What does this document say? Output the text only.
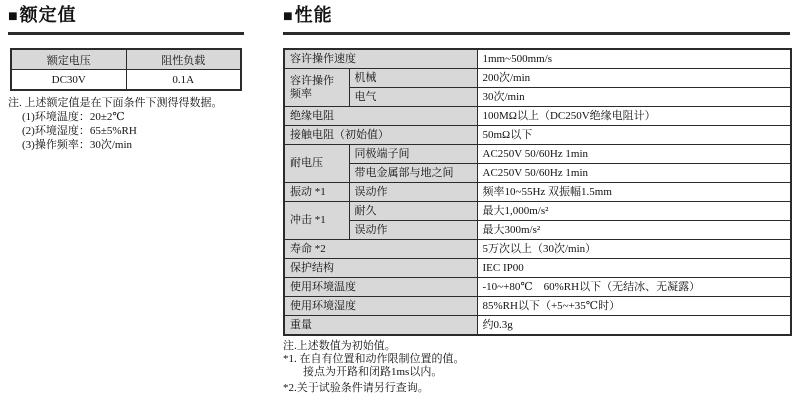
■额定值
额定电压	阻性负载
DC30V	0.1A
注. 上述额定值是在下面条件下测得得数据。
(1)环境温度：20±2℃
(2)环境湿度：65±5%RH
(3)操作频率：30次/min
■性能
容许操作速度		1mm~500mm/s
容许操作频率	机械	200次/min
	电气	30次/min
绝缘电阻		100MΩ以上（DC250V绝缘电阻计）
接触电阻（初始值）		50mΩ以下
耐电压	同极端子间	AC250V 50/60Hz 1min
	带电金属部与地之间	AC250V 50/60Hz 1min
振动 *1	误动作	频率10~55Hz 双振幅1.5mm
冲击 *1	耐久	最大1,000m/s²
	误动作	最大300m/s²
寿命 *2		5万次以上（30次/min）
保护结构		IEC IP00
使用环境温度		-10~+80℃　60%RH以下（无结冰、无凝露）
使用环境湿度		85%RH以下（+5~+35℃时）
重量		约0.3g
注.上述数值为初始值。
*1. 在自有位置和动作限制位置的值。
接点为开路和闭路1ms以内。
*2.关于试验条件请另行查询。
